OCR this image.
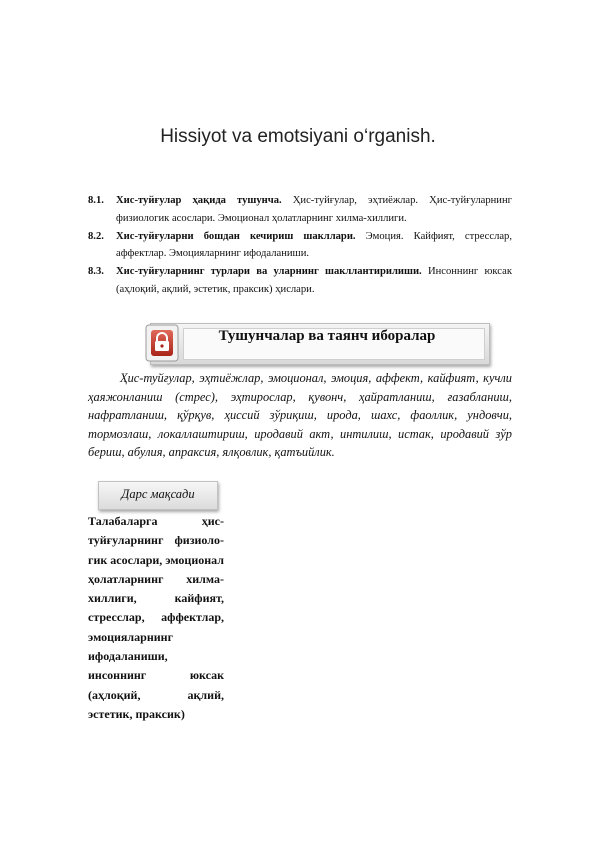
Hissiyot va emotsiyani o‘rganish.
8.1.	Хис-туйғулар ҳақида тушунча. Ҳис-туйғулар, эҳтиёжлар. Ҳис-туйғуларнинг физиологик асослари. Эмоционал ҳолатларнинг хилма-хиллиги.
8.2.	Хис-туйғуларни бошдан кечириш шакллари. Эмоция. Кайфият, стресслар, аффектлар. Эмоцияларнинг ифодаланиши.
8.3.	Хис-туйғуларнинг турлари ва уларнинг шакллантирилиши. Инсоннинг юксак (аҳлоқий, ақлий, эстетик, праксик) ҳислари.
Тушунчалар ва таянч иборалар
Ҳис-туйғулар, эҳтиёжлар, эмоционал, эмоция, аффект, кайфият, кучли ҳаяжонланиш (стрес), эҳтирослар, қувонч, ҳайратланиш, ғазабланиш, нафратланиш, қўрқув, ҳиссий зўриқиш, ирода, шахс, фаоллик, ундовчи, тормозлаш, локаллаштириш, иродавий акт, интилиш, истак, иродавий зўр бериш, абулия, апраксия, ялқовлик, қатъийлик.
Дарс мақсади
Талабаларга ҳис-туйғуларнинг физиоло-гик асослари, эмоционал ҳолатларнинг хилма-хиллиги, кайфият, стресслар, аффектлар, эмоцияларнинг ифодаланиши, инсоннинг юксак (аҳлоқий, ақлий, эстетик, праксик)
